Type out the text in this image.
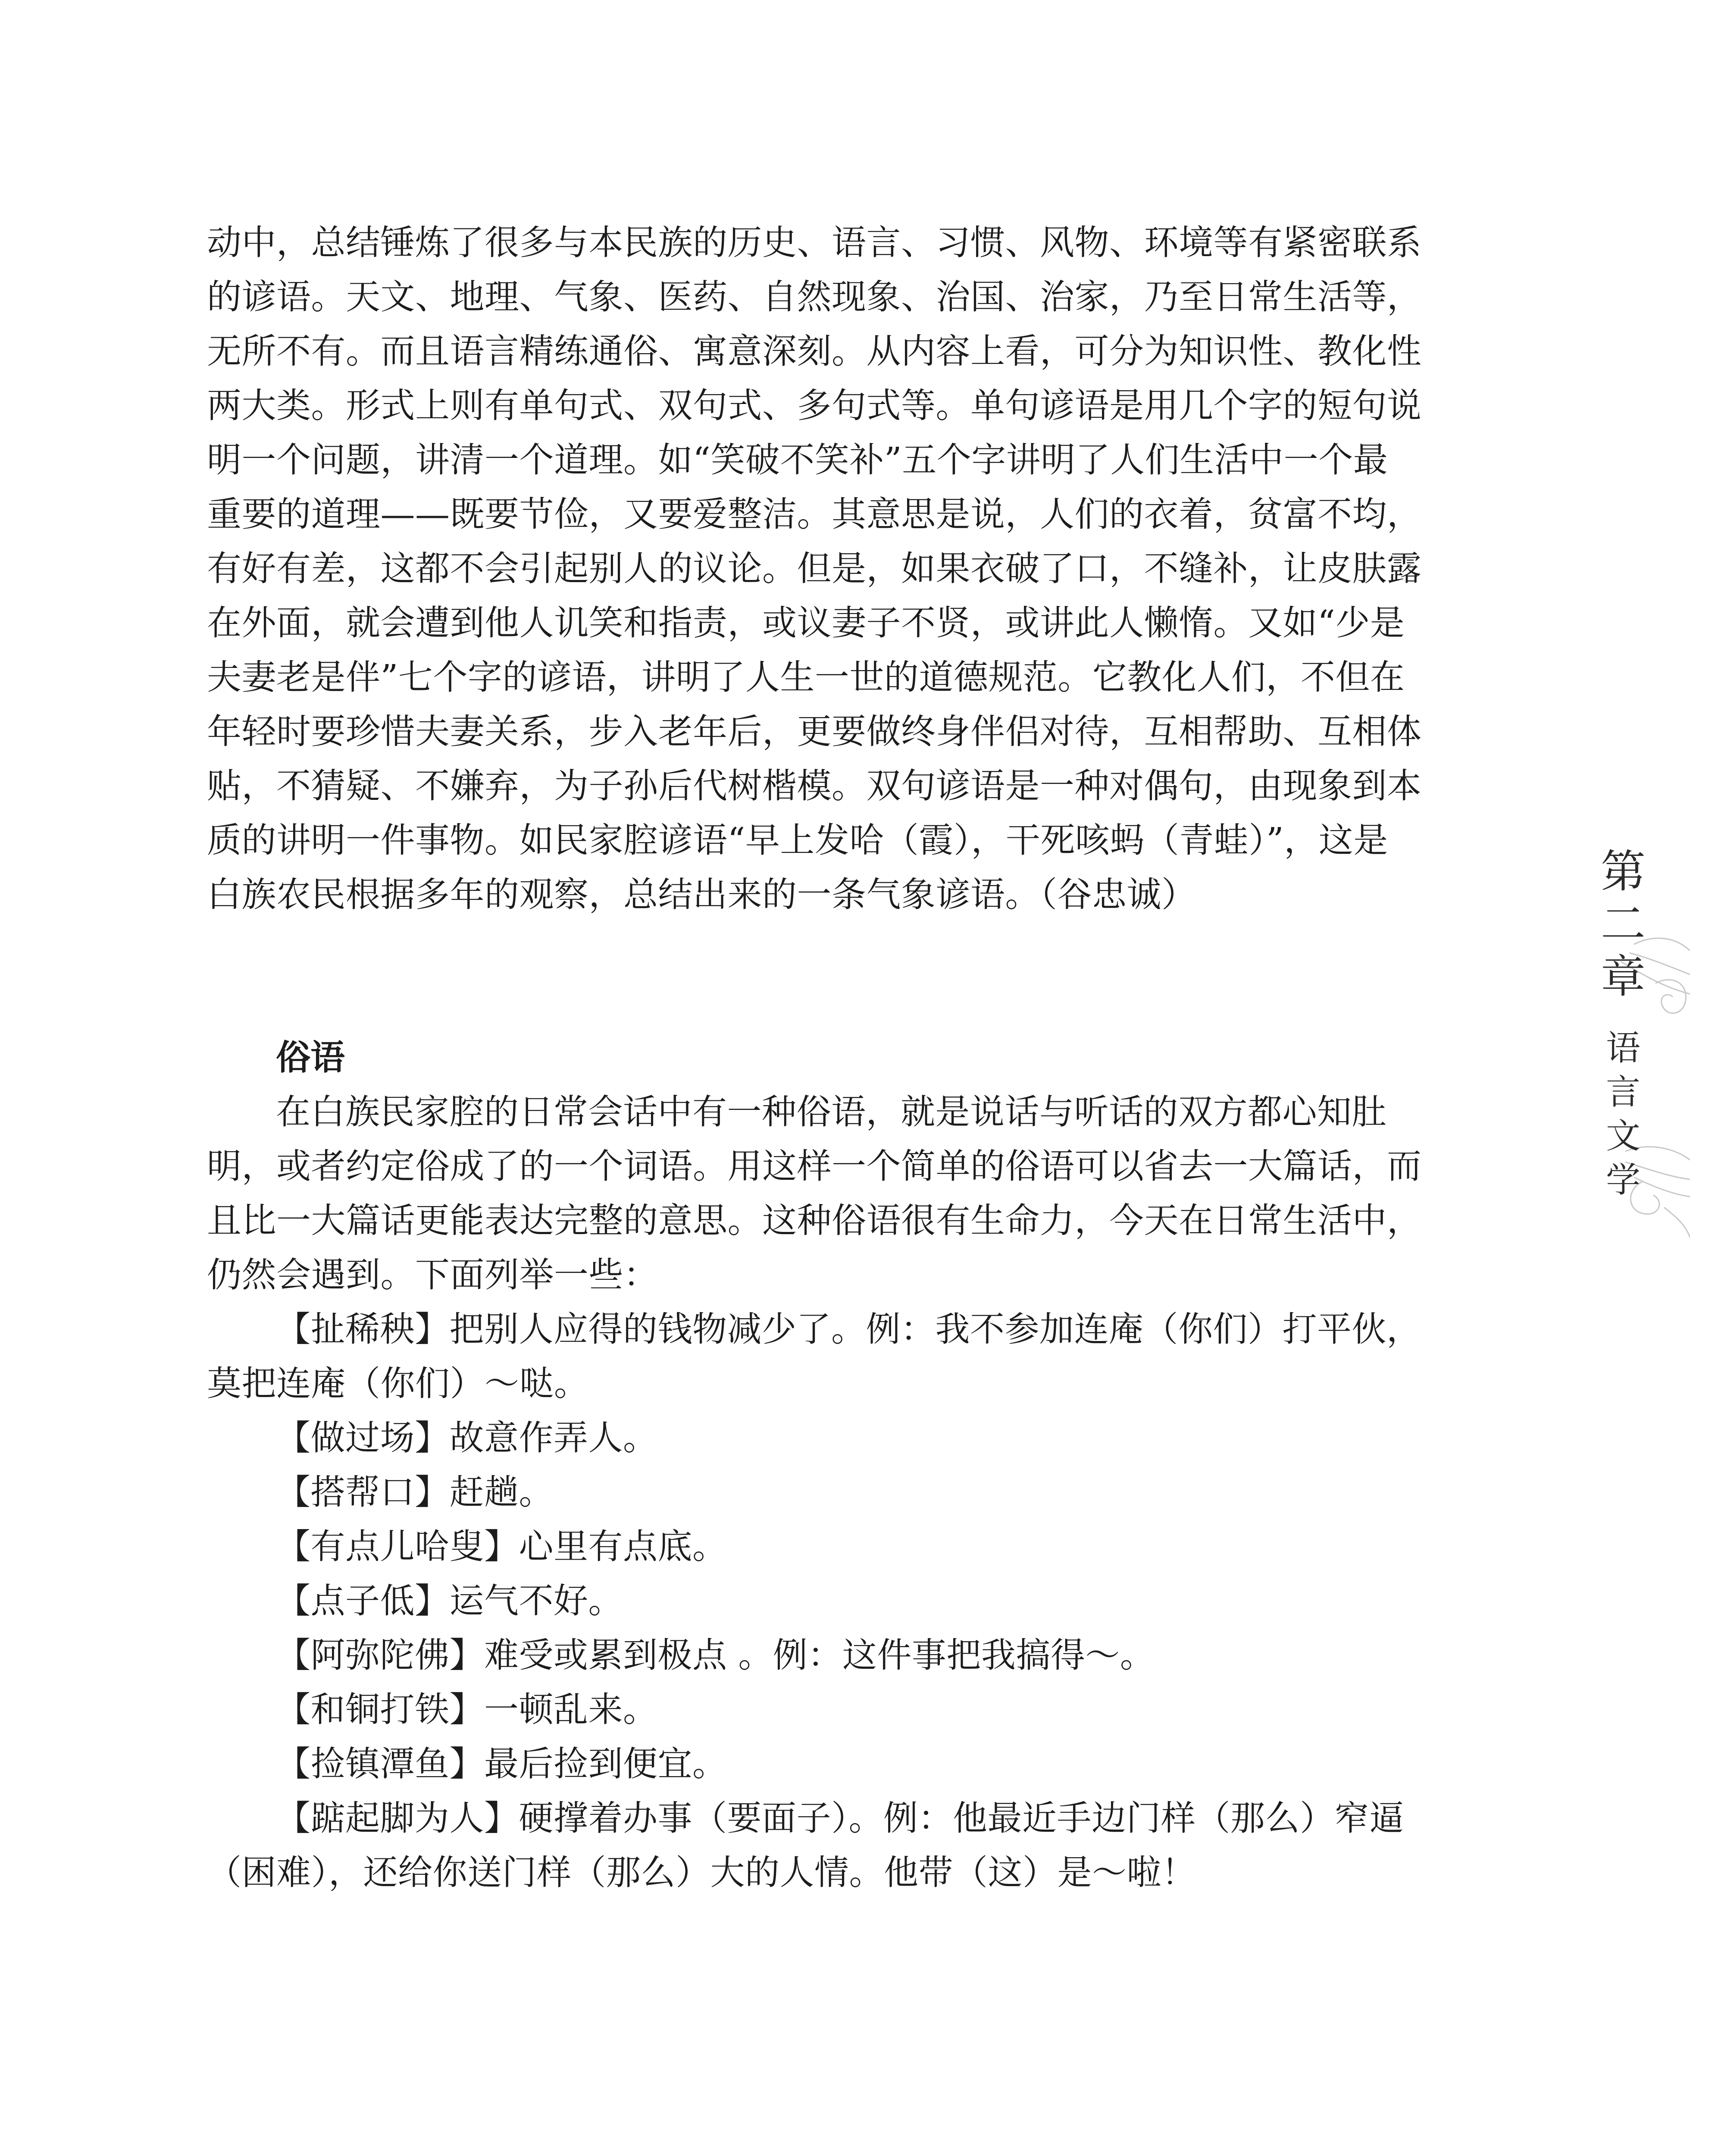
动中，总结锤炼了很多与本民族的历史、语言、习惯、风物、环境等有紧密联系
的谚语。天文、地理、气象、医药、自然现象、治国、治家，乃至日常生活等，
无所不有。而且语言精练通俗、寓意深刻。从内容上看，可分为知识性、教化性
两大类。形式上则有单句式、双句式、多句式等。单句谚语是用几个字的短句说
明一个问题，讲清一个道理。如“笑破不笑补”五个字讲明了人们生活中一个最
重要的道理——既要节俭，又要爱整洁。其意思是说，人们的衣着，贫富不均，
有好有差，这都不会引起别人的议论。但是，如果衣破了口，不缝补，让皮肤露
在外面，就会遭到他人讥笑和指责，或议妻子不贤，或讲此人懒惰。又如“少是
夫妻老是伴”七个字的谚语，讲明了人生一世的道德规范。它教化人们，不但在
年轻时要珍惜夫妻关系，步入老年后，更要做终身伴侣对待，互相帮助、互相体
贴，不猜疑、不嫌弃，为子孙后代树楷模。双句谚语是一种对偶句，由现象到本
质的讲明一件事物。如民家腔谚语“早上发哈（霞），干死咳蚂（青蛙）”，这是
白族农民根据多年的观察，总结出来的一条气象谚语。（谷忠诚）
俗语
在白族民家腔的日常会话中有一种俗语，就是说话与听话的双方都心知肚
明，或者约定俗成了的一个词语。用这样一个简单的俗语可以省去一大篇话，而
且比一大篇话更能表达完整的意思。这种俗语很有生命力，今天在日常生活中，
仍然会遇到。下面列举一些：
【扯稀秧】把别人应得的钱物减少了。例：我不参加连庵（你们）打平伙，
莫把连庵（你们）～哒。
【做过场】故意作弄人。
【搭帮口】赶趟。
【有点儿哈叟】心里有点底。
【点子低】运气不好。
【阿弥陀佛】难受或累到极点 。例：这件事把我搞得～。
【和铜打铁】一顿乱来。
【捡镇潭鱼】最后捡到便宜。
【踮起脚为人】硬撑着办事（要面子）。例：他最近手边门样（那么）窄逼
（困难），还给你送门样（那么）大的人情。他带（这）是～啦！
第二章
语言文学
